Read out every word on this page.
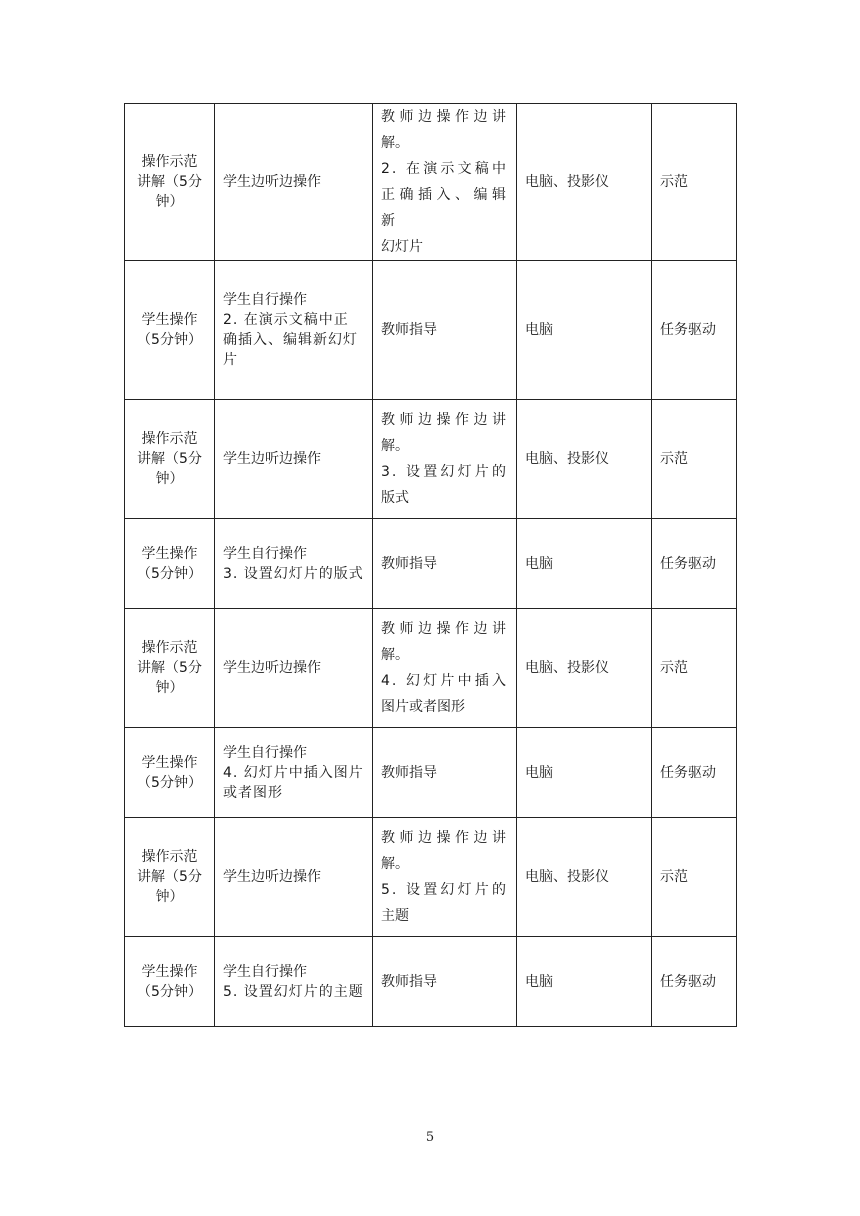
操作示范
讲解（5分
钟）	学生边听边操作	教师边操作边讲
解。
2. 在演示文稿中
正确插入、编辑新
幻灯片	电脑、投影仪	示范

学生操作
（5分钟）	学生自行操作
2. 在演示文稿中正
确插入、编辑新幻灯
片	教师指导	电脑	任务驱动

操作示范
讲解（5分
钟）	学生边听边操作	教师边操作边讲
解。
3. 设置幻灯片的
版式	电脑、投影仪	示范

学生操作
（5分钟）	学生自行操作
3. 设置幻灯片的版式	教师指导	电脑	任务驱动

操作示范
讲解（5分
钟）	学生边听边操作	教师边操作边讲
解。
4. 幻灯片中插入
图片或者图形	电脑、投影仪	示范

学生操作
（5分钟）	学生自行操作
4. 幻灯片中插入图片
或者图形	教师指导	电脑	任务驱动

操作示范
讲解（5分
钟）	学生边听边操作	教师边操作边讲
解。
5. 设置幻灯片的
主题	电脑、投影仪	示范

学生操作
（5分钟）	学生自行操作
5. 设置幻灯片的主题	教师指导	电脑	任务驱动
5
